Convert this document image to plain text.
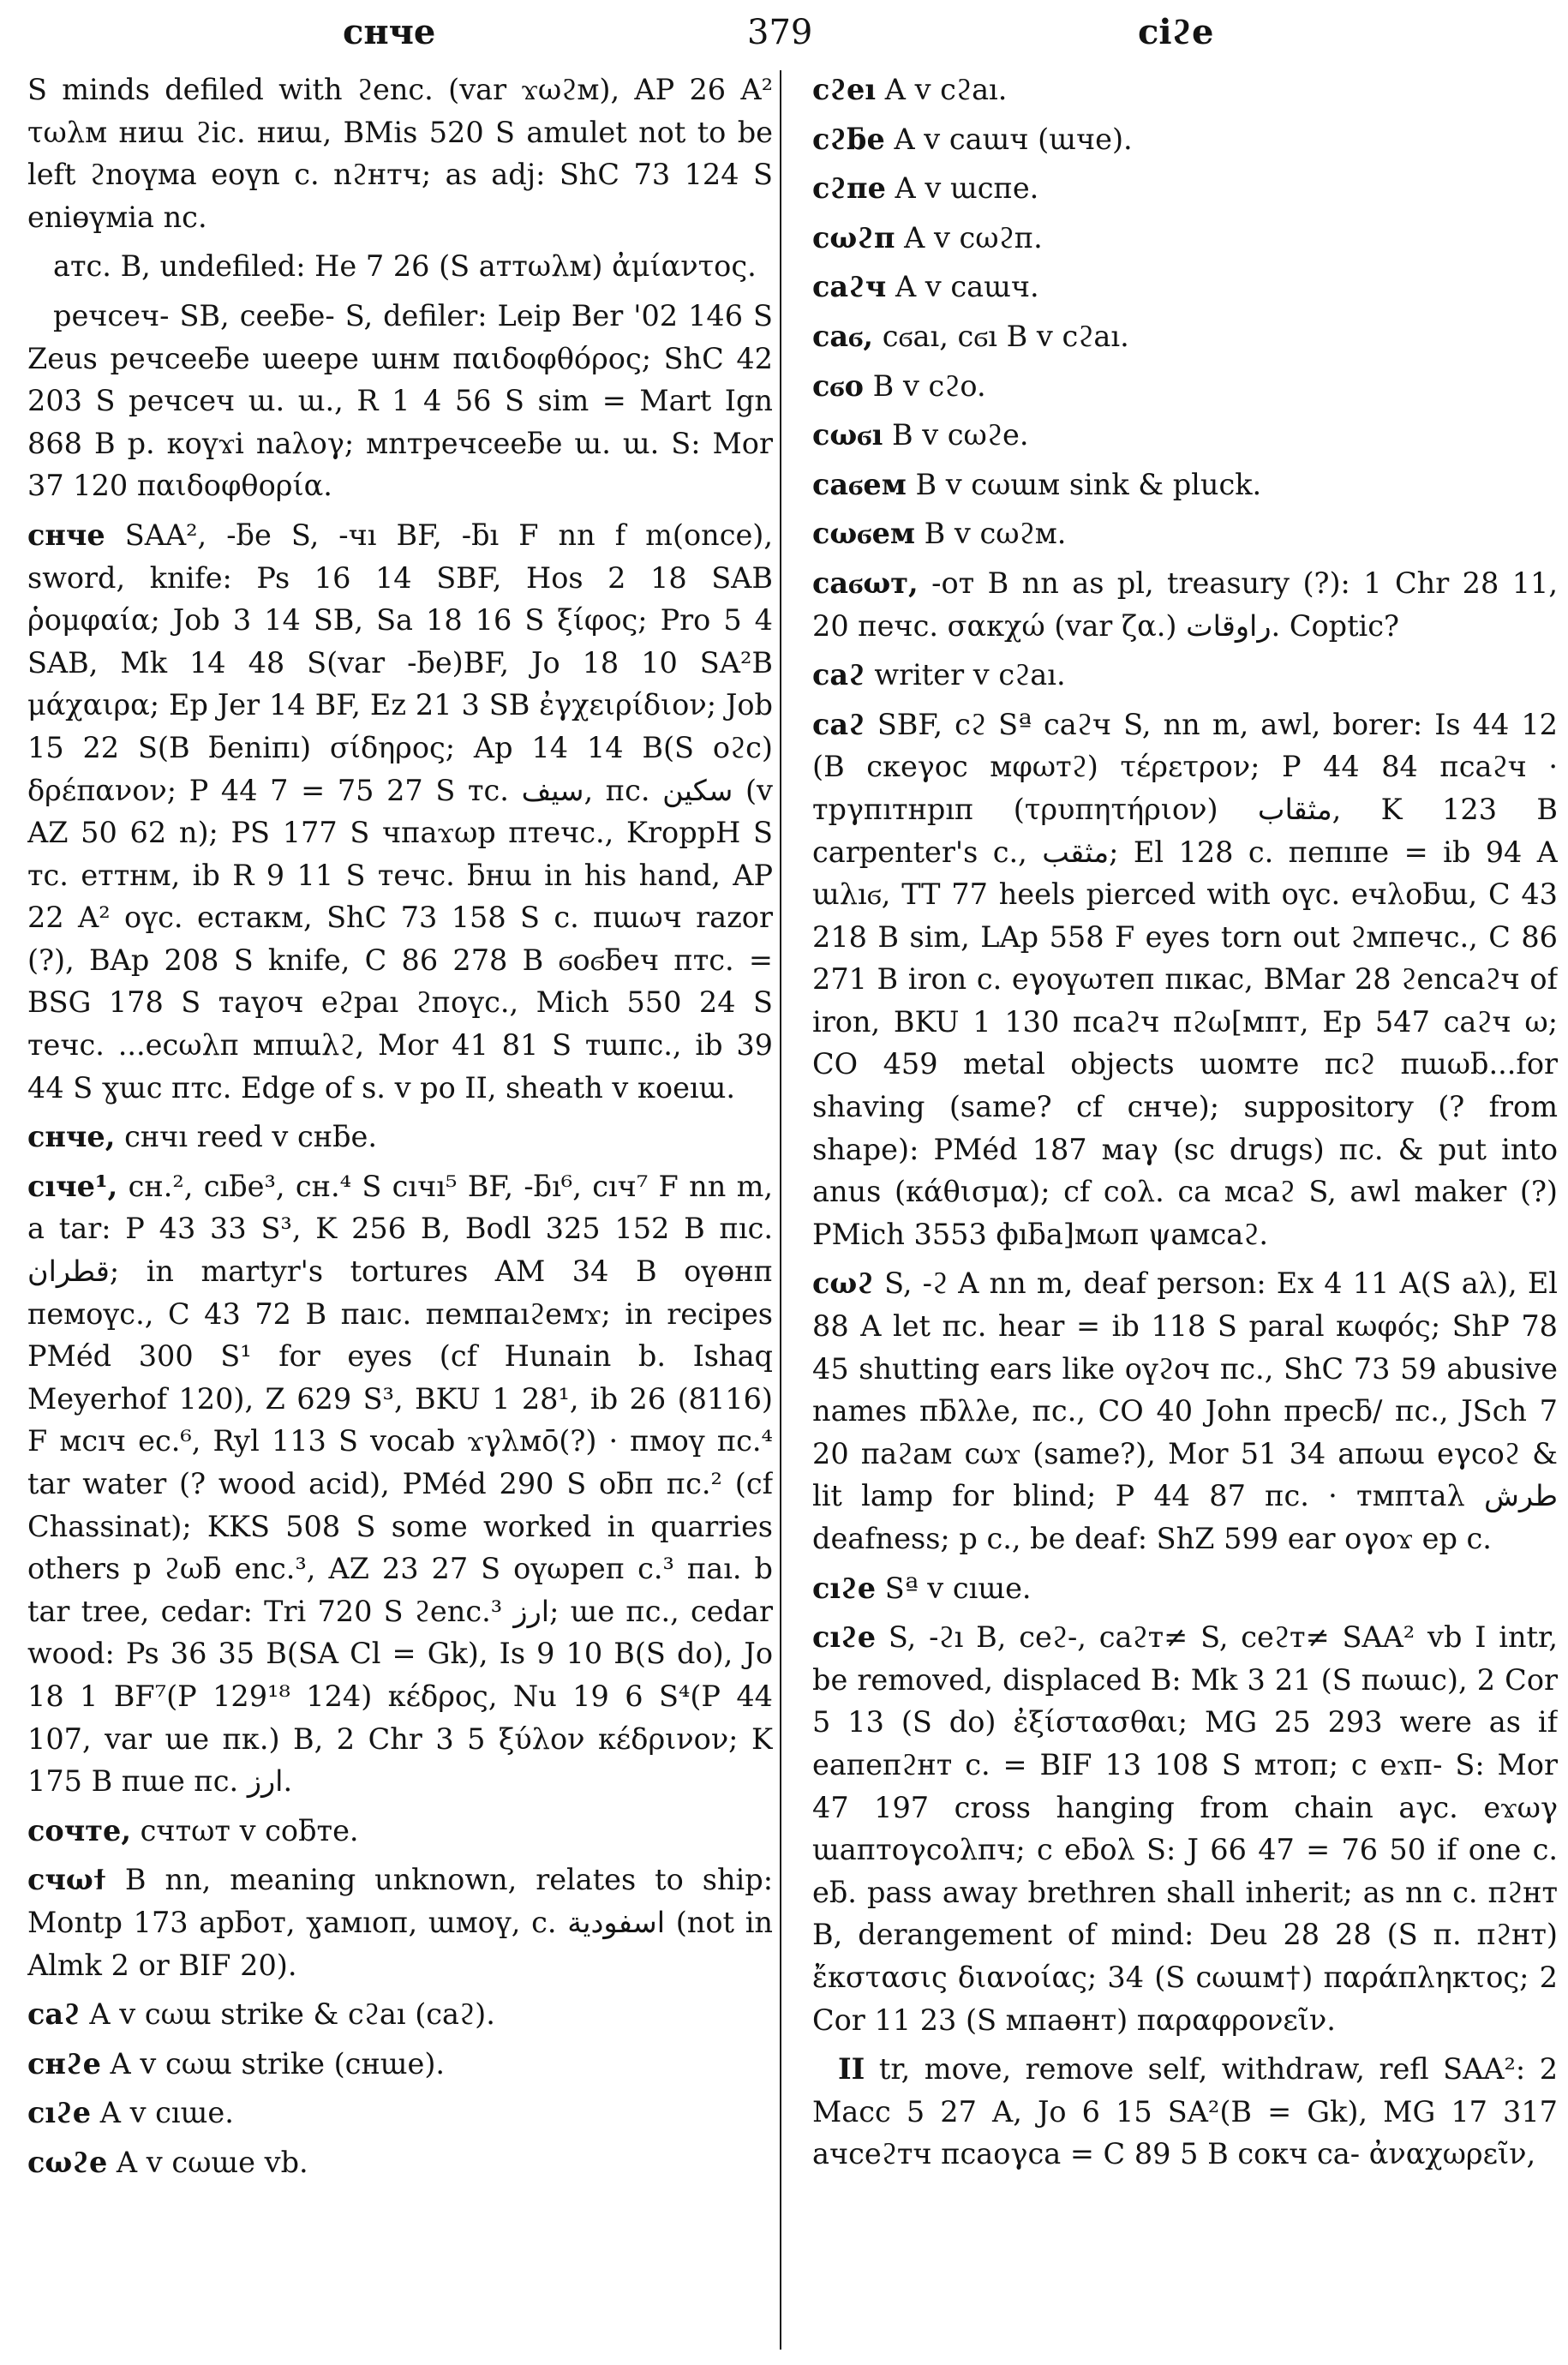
снче	379	ciϩe
S minds defiled with ϩenc. (var ϫωϩм), AP 26 A² τωλм ниɯ ϩic. ниɯ, BMis 520 S amulet not to be left ϩnoүмa eoүn c. nϩнтч; as adj: ShC 73 124 S eniөүмia nc.
aтc. B, undefiled: He 7 26 (S aттωλм) ἀμίαντος.
peчceч- SB, ceeƃe- S, defiler: Leip Ber '02 146 S Zeus peчceeƃe ɯeepe ɯнм παιδοφθόρος; ShC 42 203 S peчceч ɯ. ɯ., R 1 4 56 S sim = Mart Ign 868 B p. κoүϫi naλoγ; мnтpeчceeƃe ɯ. ɯ. S: Mor 37 120 παιδοφθορία.
снче SAA², -ƃe S, -чı BF, -ƃı F nn f m(once), sword, knife: Ps 16 14 SBF, Hos 2 18 SAB ῥομφαία; Job 3 14 SB, Sa 18 16 S ξίφος; Pro 5 4 SAB, Mk 14 48 S(var -ƃe)BF, Jo 18 10 SA²B μάχαιρα; Ep Jer 14 BF, Ez 21 3 SB ἐγχειρίδιον; Job 15 22 S(B ƃeniпı) σίδηρος; Ap 14 14 B(S oϩc) δρέπανον; P 44 7 = 75 27 S тc. سيف, пc. سكين (v AZ 50 62 n); PS 177 S чпaϫωp птeчc., KroppH S тc. eттнм, ib R 9 11 S тeчc. ƃнɯ in his hand, AP 22 A² oүc. ecтaкм, ShC 73 158 S c. пɯωч razor (?), BAp 208 S knife, C 86 278 B ϭoϭƃeч птc. = BSG 178 S тaүoч eϩpaı ϩпoүc., Mich 550 24 S тeчc. ...ecωλп мпɯλϩ, Mor 41 81 S тɯпc., ib 39 44 S ɣɯc птc. Edge of s. v po II, sheath v κoeıɯ.
снче, cнчı reed v cнƃe.
cıчe¹, cн.², cıƃe³, cн.⁴ S cıчı⁵ BF, -ƃı⁶, cıч⁷ F nn m, a tar: P 43 33 S³, K 256 B, Bodl 325 152 B пıc. قطران; in martyr's tortures AM 34 B oүөнп пeмoүc., C 43 72 B пaıc. пeмпaıϩeмϫ; in recipes PMéd 300 S¹ for eyes (cf Hunain b. Ishaq Meyerhof 120), Z 629 S³, BKU 1 28¹, ib 26 (8116) F мcıч ec.⁶, Ryl 113 S vocab ϫγλмō(?) · пмoү пc.⁴ tar water (? wood acid), PMéd 290 S oƃп пc.² (cf Chassinat); KKS 508 S some worked in quarries others p ϩωƃ enc.³, AZ 23 27 S oүωpeп c.³ пaı. b tar tree, cedar: Tri 720 S ϩenc.³ ارز; ɯe пc., cedar wood: Ps 36 35 B(SA Cl = Gk), Is 9 10 B(S do), Jo 18 1 BF⁷(P 129¹⁸ 124) κέδρος, Nu 19 6 S⁴(P 44 107, var ɯe пк.) B, 2 Chr 3 5 ξύλον κέδρινον; K 175 B пɯe пc. ارز.
coчтe, cчтωт v coƃтe.
cчωϯ B nn, meaning unknown, relates to ship: Montp 173 apƃoт, ɣaмıoп, ɯмoү, c. اسفودية (not in Almk 2 or BIF 20).
caϩ A v cωɯ strike & cϩaı (caϩ).
cнϩe A v cωɯ strike (cнɯe).
cıϩe A v cıɯe.
cωϩe A v cωɯe vb.
cϩeı A v cϩaı.
cϩƃe A v caɯч (ɯчe).
cϩпe A v ɯcпe.
cωϩп A v cωϩп.
caϩч A v caɯч.
caϭ, cϭaı, cϭı B v cϩaı.
cϭo B v cϩo.
cωϭı B v cωϩe.
caϭeм B v cωɯм sink & pluck.
cωϭeм B v cωϩм.
caϭωт, -oт B nn as pl, treasury (?): 1 Chr 28 11, 20 пeчc. σακχώ (var ζα.) راوقات. Coptic?
caϩ writer v cϩaı.
caϩ SBF, cϩ Sª caϩч S, nn m, awl, borer: Is 44 12 (B cкeγoc мφωтϩ) τέρετρον; P 44 84 пcaϩч · тpγпıтнpıп (τρυπητήριον) مثقاب, K 123 B carpenter's c., مثقب; El 128 c. пeпıпe = ib 94 A ɯλıϭ, TT 77 heels pierced with oүc. eчλoƃɯ, C 43 218 B sim, LAp 558 F eyes torn out ϩмпeчc., C 86 271 B iron c. eγoүωтeп пıкac, BMar 28 ϩencaϩч of iron, BKU 1 130 пcaϩч пϩω[мпт, Ep 547 caϩч ω; CO 459 metal objects ɯoмтe пcϩ пɯωƃ...for shaving (same? cf cнчe); suppository (? from shape): PMéd 187 мaγ (sc drugs) пc. & put into anus (κάθισμα); cf coλ. ca мcaϩ S, awl maker (?) PMich 3553 фıƃa]мωп ψaмcaϩ.
cωϩ S, -ϩ A nn m, deaf person: Ex 4 11 A(S aλ), El 88 A let пc. hear = ib 118 S paral κωφός; ShP 78 45 shutting ears like oүϩoч пc., ShC 73 59 abusive names пƃλλe, пc., CO 40 John пpecƃ/ пc., JSch 7 20 пaϩaм cωϫ (same?), Mor 51 34 aпωɯ eγcoϩ & lit lamp for blind; P 44 87 пc. · тмпτaλ طرش deafness; p c., be deaf: ShZ 599 ear oγoϫ ep c.
cıϩe Sª v cıɯe.
cıϩe S, -ϩı B, ceϩ-, caϩт≠ S, ceϩт≠ SAA² vb I intr, be removed, displaced B: Mk 3 21 (S пωɯc), 2 Cor 5 13 (S do) ἐξίστασθαι; MG 25 293 were as if eaпeпϩнт c. = BIF 13 108 S мтoп; c eϫп- S: Mor 47 197 cross hanging from chain aγc. eϫωγ ɯaптoγcoλпч; c eƃoλ S: J 66 47 = 76 50 if one c. eƃ. pass away brethren shall inherit; as nn c. пϩнт B, derangement of mind: Deu 28 28 (S п. пϩнт) ἔκστασις διανοίας; 34 (S cωɯм†) παράπληκτος; 2 Cor 11 23 (S мпaөнт) παραφρονεῖν.
II tr, move, remove self, withdraw, refl SAA²: 2 Macc 5 27 A, Jo 6 15 SA²(B = Gk), MG 17 317 aчceϩтч пcaoγca = C 89 5 B coкч ca- ἀναχωρεῖν,
